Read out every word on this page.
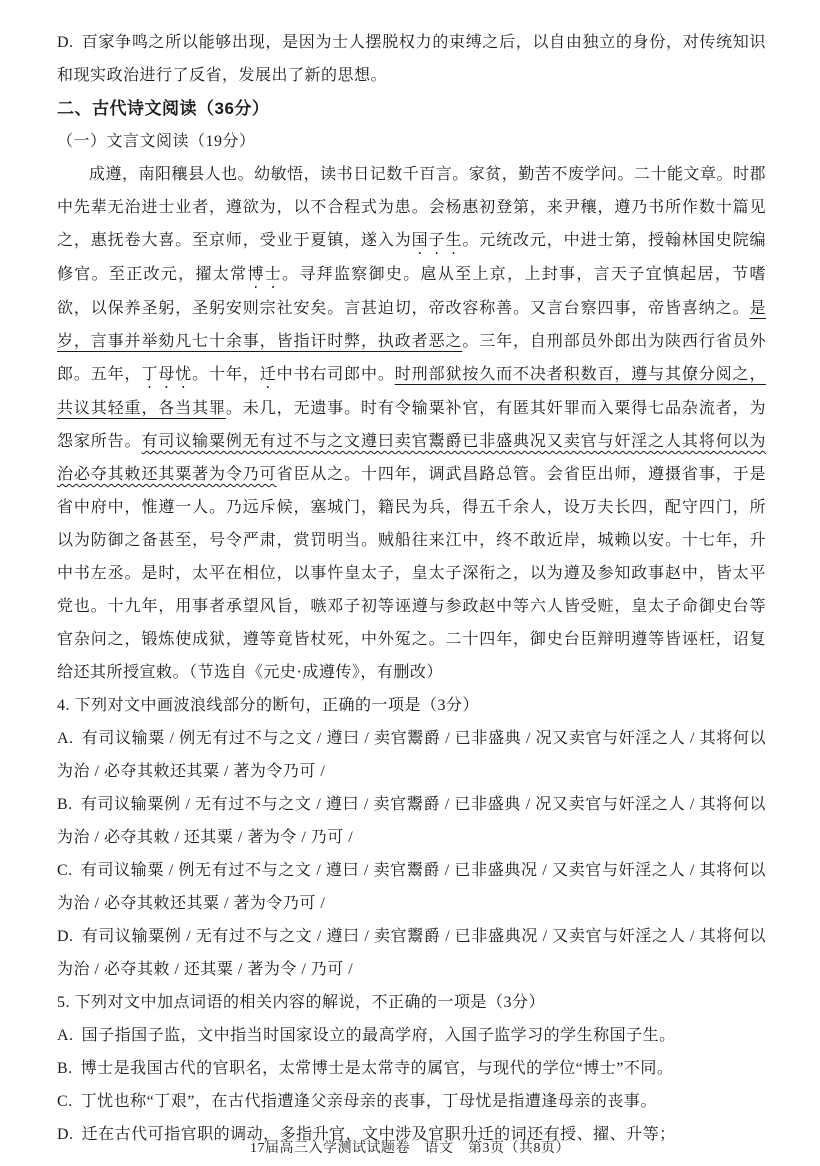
D. 百家争鸣之所以能够出现，是因为士人摆脱权力的束缚之后，以自由独立的身份，对传统知识和现实政治进行了反省，发展出了新的思想。

二、古代诗文阅读（36分）

（一）文言文阅读（19分）

成遵，南阳穰县人也。幼敏悟，读书日记数千百言。家贫，勤苦不废学问。二十能文章。时郡中先辈无治进士业者，遵欲为，以不合程式为患。会杨惠初登第，来尹穰，遵乃书所作数十篇见之，惠抚卷大喜。至京师，受业于夏镇，遂入为国子生。元统改元，中进士第，授翰林国史院编修官。至正改元，擢太常博士。寻拜监察御史。扈从至上京，上封事，言天子宜慎起居，节嗜欲，以保养圣躬，圣躬安则宗社安矣。言甚迫切，帝改容称善。又言台察四事，帝皆喜纳之。是岁，言事并举劾凡七十余事，皆指讦时弊，执政者恶之。三年，自刑部员外郎出为陕西行省员外郎。五年，丁母忧。十年，迁中书右司郎中。时刑部狱按久而不决者积数百，遵与其僚分阅之，共议其轻重，各当其罪。未几，无遗事。时有令输粟补官，有匿其奸罪而入粟得七品杂流者，为怨家所告。有司议输粟例无有过不与之文遵曰卖官鬻爵已非盛典况又卖官与奸淫之人其将何以为治必夺其敕还其粟著为令乃可省臣从之。十四年，调武昌路总管。会省臣出师，遵摄省事，于是省中府中，惟遵一人。乃远斥候，塞城门，籍民为兵，得五千余人，设万夫长四，配守四门，所以为防御之备甚至，号令严肃，赏罚明当。贼船往来江中，终不敢近岸，城赖以安。十七年，升中书左丞。是时，太平在相位，以事忤皇太子，皇太子深衔之，以为遵及参知政事赵中，皆太平党也。十九年，用事者承望风旨，嗾邓子初等诬遵与参政赵中等六人皆受赃，皇太子命御史台等官杂问之，锻炼使成狱，遵等竟皆杖死，中外冤之。二十四年，御史台臣辩明遵等皆诬枉，诏复给还其所授宣敕。（节选自《元史·成遵传》，有删改）

4. 下列对文中画波浪线部分的断句，正确的一项是（3分）

A. 有司议输粟 / 例无有过不与之文 / 遵曰 / 卖官鬻爵 / 已非盛典 / 况又卖官与奸淫之人 / 其将何以为治 / 必夺其敕还其粟 / 著为令乃可 /

B. 有司议输粟例 / 无有过不与之文 / 遵曰 / 卖官鬻爵 / 已非盛典 / 况又卖官与奸淫之人 / 其将何以为治 / 必夺其敕 / 还其粟 / 著为令 / 乃可 /

C. 有司议输粟 / 例无有过不与之文 / 遵曰 / 卖官鬻爵 / 已非盛典况 / 又卖官与奸淫之人 / 其将何以为治 / 必夺其敕还其粟 / 著为令乃可 /

D. 有司议输粟例 / 无有过不与之文 / 遵曰 / 卖官鬻爵 / 已非盛典况 / 又卖官与奸淫之人 / 其将何以为治 / 必夺其敕 / 还其粟 / 著为令 / 乃可 /

5. 下列对文中加点词语的相关内容的解说，不正确的一项是（3分）

A. 国子指国子监，文中指当时国家设立的最高学府，入国子监学习的学生称国子生。

B. 博士是我国古代的官职名，太常博士是太常寺的属官，与现代的学位“博士”不同。

C. 丁忧也称“丁艰”，在古代指遭逢父亲母亲的丧事，丁母忧是指遭逢母亲的丧事。

D. 迁在古代可指官职的调动，多指升官，文中涉及官职升迁的词还有授、擢、升等；

17届高三入学测试试题卷　语文　第3页（共8页）
